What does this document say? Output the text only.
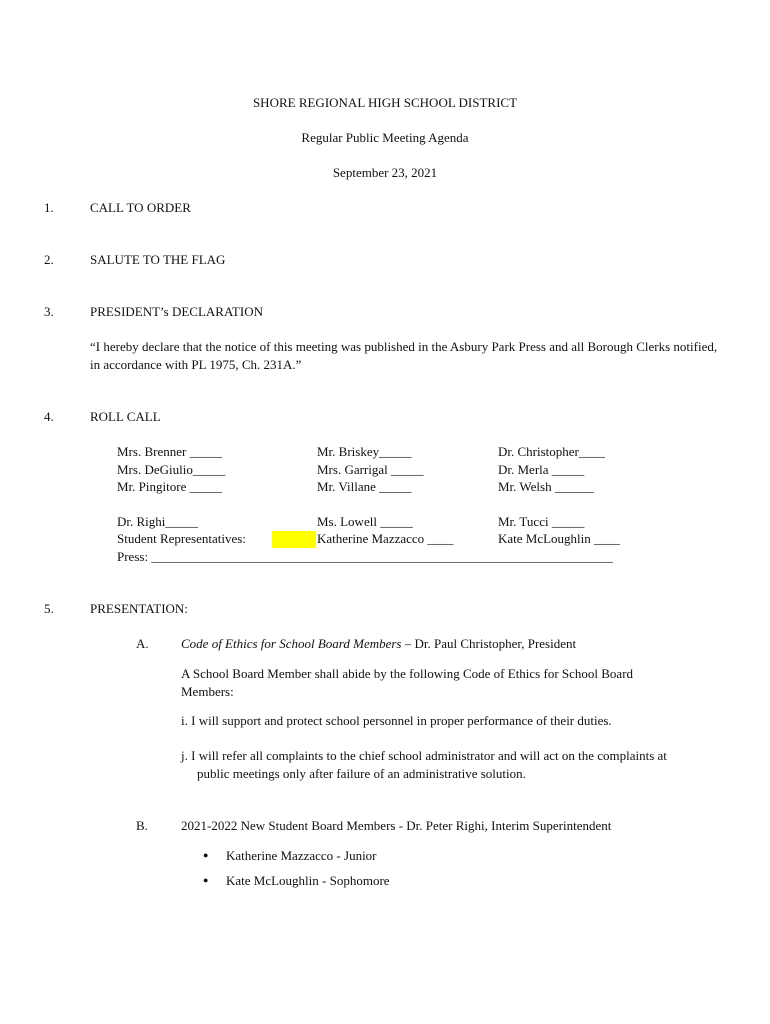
SHORE REGIONAL HIGH SCHOOL DISTRICT
Regular Public Meeting Agenda
September 23, 2021
1.	CALL TO ORDER
2.	SALUTE TO THE FLAG
3.	PRESIDENT’s DECLARATION
“I hereby declare that the notice of this meeting was published in the Asbury Park Press and all Borough Clerks notified, in accordance with PL 1975, Ch. 231A.”
4.	ROLL CALL
Mrs. Brenner _____	Mr. Briskey_____	Dr. Christopher____
Mrs. DeGiulio_____	Mrs. Garrigal _____	Dr. Merla _____
Mr. Pingitore _____	Mr. Villane _____	Mr. Welsh ______
Dr. Righi_____	Ms. Lowell _____	Mr. Tucci _____
Student Representatives:	Katherine Mazzacco ____	Kate McLoughlin ____
Press: _______________________________________________________________________
5.	PRESENTATION:
A. Code of Ethics for School Board Members – Dr. Paul Christopher, President
A School Board Member shall abide by the following Code of Ethics for School Board Members:
i. I will support and protect school personnel in proper performance of their duties.
j. I will refer all complaints to the chief school administrator and will act on the complaints at
public meetings only after failure of an administrative solution.
B.	2021-2022 New Student Board Members - Dr. Peter Righi, Interim Superintendent
● Katherine Mazzacco - Junior
● Kate McLoughlin - Sophomore
